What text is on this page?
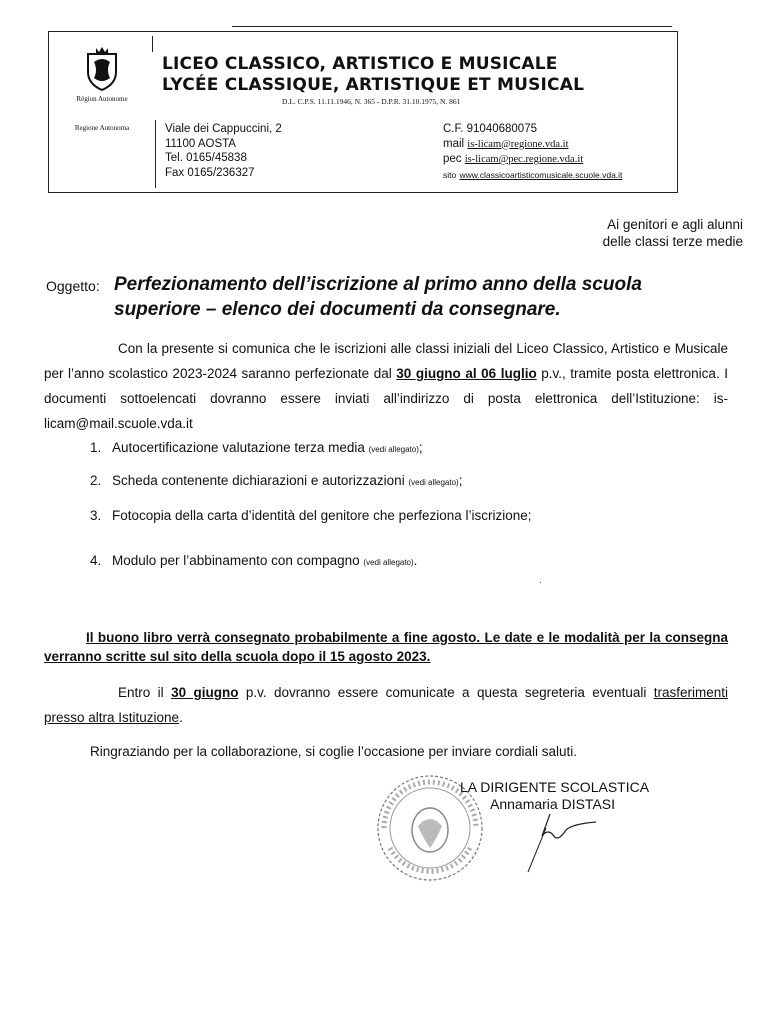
Région Autonome
Regione Autonoma
LICEO CLASSICO, ARTISTICO E MUSICALE
LYCÉE CLASSIQUE, ARTISTIQUE ET MUSICAL
D.L. C.P.S. 11.11.1946, N. 365 - D.P.R. 31.10.1975, N. 861
Viale dei Cappuccini, 2
11100 AOSTA
Tel. 0165/45838
Fax 0165/236327
C.F. 91040680075
mail is-licam@regione.vda.it
pec is-licam@pec.regione.vda.it
sito www.classicoartisticomusicale.scuole.vda.it
Ai genitori e agli alunni
delle classi terze medie
Oggetto: Perfezionamento dell’iscrizione al primo anno della scuola superiore – elenco dei documenti da consegnare.
Con la presente si comunica che le iscrizioni alle classi iniziali del Liceo Classico, Artistico e Musicale per l’anno scolastico 2023-2024 saranno perfezionate dal 30 giugno al 06 luglio p.v., tramite posta elettronica. I documenti sottoelencati dovranno essere inviati all’indirizzo di posta elettronica dell’Istituzione: is-licam@mail.scuole.vda.it
1. Autocertificazione valutazione terza media (vedi allegato);
2. Scheda contenente dichiarazioni e autorizzazioni (vedi allegato);
3. Fotocopia della carta d’identità del genitore che perfeziona l’iscrizione;
4. Modulo per l’abbinamento con compagno (vedi allegato).
Il buono libro verrà consegnato probabilmente a fine agosto. Le date e le modalità per la consegna verranno scritte sul sito della scuola dopo il 15 agosto 2023.
Entro il 30 giugno p.v. dovranno essere comunicate a questa segreteria eventuali trasferimenti presso altra Istituzione.
Ringraziando per la collaborazione, si coglie l’occasione per inviare cordiali saluti.
LA DIRIGENTE SCOLASTICA
Annamaria DISTASI
